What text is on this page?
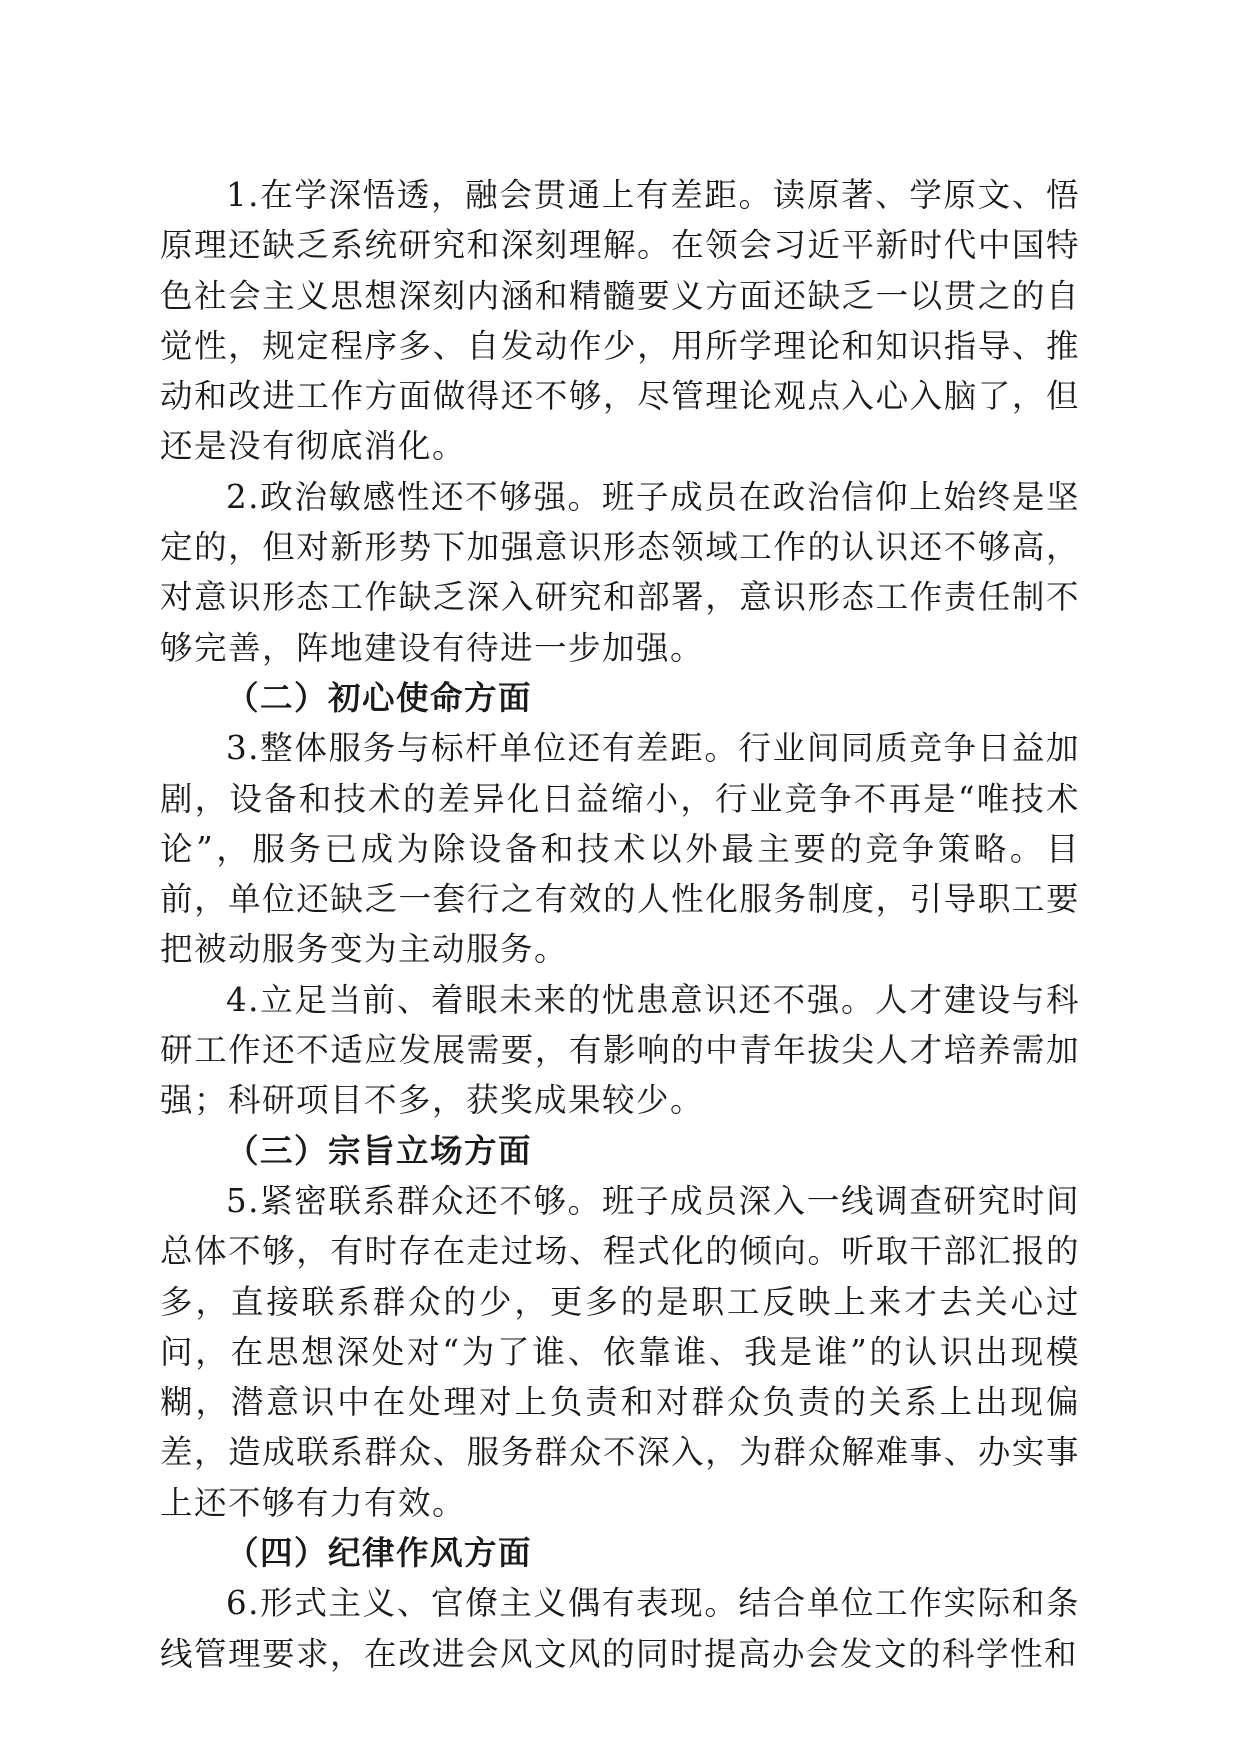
1.在学深悟透，融会贯通上有差距。读原著、学原文、悟原理还缺乏系统研究和深刻理解。在领会习近平新时代中国特色社会主义思想深刻内涵和精髓要义方面还缺乏一以贯之的自觉性，规定程序多、自发动作少，用所学理论和知识指导、推动和改进工作方面做得还不够，尽管理论观点入心入脑了，但还是没有彻底消化。

2.政治敏感性还不够强。班子成员在政治信仰上始终是坚定的，但对新形势下加强意识形态领域工作的认识还不够高，对意识形态工作缺乏深入研究和部署，意识形态工作责任制不够完善，阵地建设有待进一步加强。

（二）初心使命方面

3.整体服务与标杆单位还有差距。行业间同质竞争日益加剧，设备和技术的差异化日益缩小，行业竞争不再是“唯技术论”，服务已成为除设备和技术以外最主要的竞争策略。目前，单位还缺乏一套行之有效的人性化服务制度，引导职工要把被动服务变为主动服务。

4.立足当前、着眼未来的忧患意识还不强。人才建设与科研工作还不适应发展需要，有影响的中青年拔尖人才培养需加强；科研项目不多，获奖成果较少。

（三）宗旨立场方面

5.紧密联系群众还不够。班子成员深入一线调查研究时间总体不够，有时存在走过场、程式化的倾向。听取干部汇报的多，直接联系群众的少，更多的是职工反映上来才去关心过问，在思想深处对“为了谁、依靠谁、我是谁”的认识出现模糊，潜意识中在处理对上负责和对群众负责的关系上出现偏差，造成联系群众、服务群众不深入，为群众解难事、办实事上还不够有力有效。

（四）纪律作风方面

6.形式主义、官僚主义偶有表现。结合单位工作实际和条线管理要求，在改进会风文风的同时提高办会发文的科学性和
